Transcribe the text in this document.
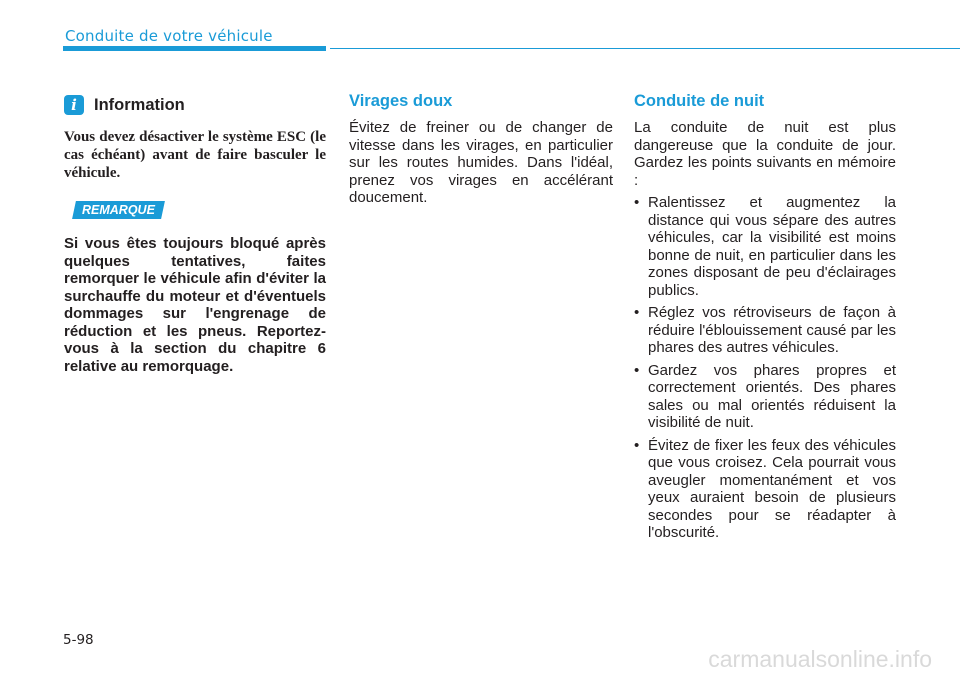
Conduite de votre véhicule
i	Information
Vous devez désactiver le système ESC (le cas échéant) avant de faire basculer le véhicule.
REMARQUE
Si vous êtes toujours bloqué après quelques tentatives, faites remorquer le véhicule afin d'éviter la surchauffe du moteur et d'éventuels dommages sur l'engrenage de réduction et les pneus. Reportez-vous à la section du chapitre 6 relative au remorquage.
Virages doux
Évitez de freiner ou de changer de vitesse dans les virages, en particulier sur les routes humides. Dans l'idéal, prenez vos virages en accélérant doucement.
Conduite de nuit
La conduite de nuit est plus dangereuse que la conduite de jour. Gardez les points suivants en mémoire :
• Ralentissez et augmentez la distance qui vous sépare des autres véhicules, car la visibilité est moins bonne de nuit, en particulier dans les zones disposant de peu d'éclairages publics.
• Réglez vos rétroviseurs de façon à réduire l'éblouissement causé par les phares des autres véhicules.
• Gardez vos phares propres et correctement orientés. Des phares sales ou mal orientés réduisent la visibilité de nuit.
• Évitez de fixer les feux des véhicules que vous croisez. Cela pourrait vous aveugler momentanément et vos yeux auraient besoin de plusieurs secondes pour se réadapter à l'obscurité.
5-98
carmanualsonline.info
